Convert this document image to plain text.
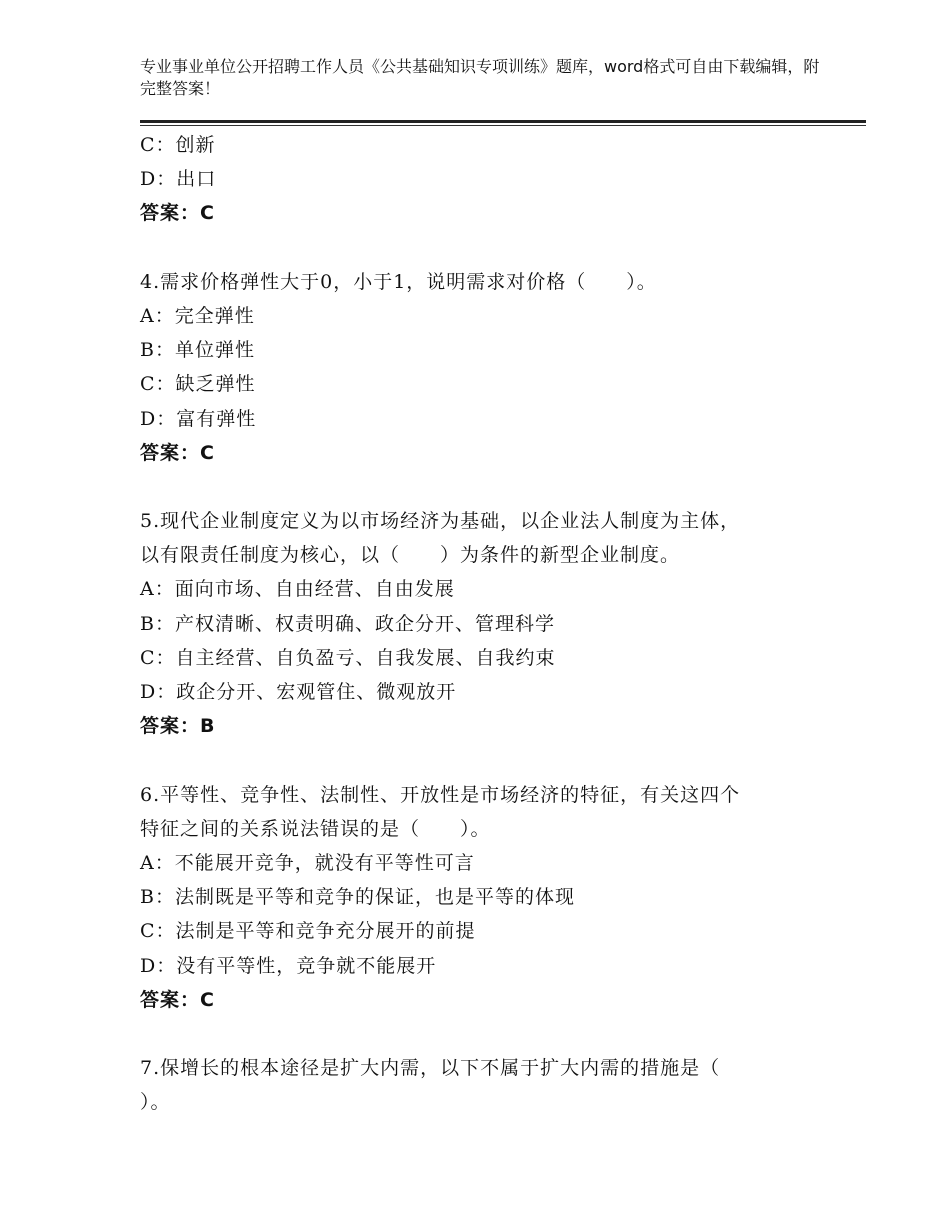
专业事业单位公开招聘工作人员《公共基础知识专项训练》题库，word格式可自由下载编辑，附完整答案！
C：创新
D：出口
答案：C
4.需求价格弹性大于0，小于1，说明需求对价格（　　）。
A：完全弹性
B：单位弹性
C：缺乏弹性
D：富有弹性
答案：C
5.现代企业制度定义为以市场经济为基础，以企业法人制度为主体，
以有限责任制度为核心，以（　　）为条件的新型企业制度。
A：面向市场、自由经营、自由发展
B：产权清晰、权责明确、政企分开、管理科学
C：自主经营、自负盈亏、自我发展、自我约束
D：政企分开、宏观管住、微观放开
答案：B
6.平等性、竞争性、法制性、开放性是市场经济的特征，有关这四个
特征之间的关系说法错误的是（　　）。
A：不能展开竞争，就没有平等性可言
B：法制既是平等和竞争的保证，也是平等的体现
C：法制是平等和竞争充分展开的前提
D：没有平等性，竞争就不能展开
答案：C
7.保增长的根本途径是扩大内需，以下不属于扩大内需的措施是（
）。
